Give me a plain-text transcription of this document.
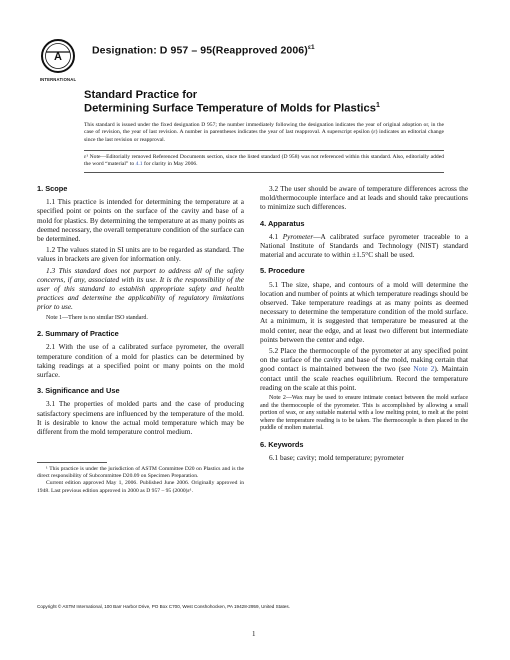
A
INTERNATIONAL
Designation: D 957 – 95(Reapproved 2006)$^{\varepsilon 1}$
Standard Practice for
Determining Surface Temperature of Molds for Plastics$^1$
This standard is issued under the fixed designation D 957; the number immediately following the designation indicates the year of original adoption or, in the case of revision, the year of last revision. A number in parentheses indicates the year of last reapproval. A superscript epsilon (ε) indicates an editorial change since the last revision or reapproval.
ε¹ Note—Editorially removed Referenced Documents section, since the listed standard (D 958) was not referenced within this standard. Also, editorially added the word “material” to 4.1 for clarity in May 2006.
1. Scope
1.1 This practice is intended for determining the temperature at a specified point or points on the surface of the cavity and base of a mold for plastics. By determining the temperature at as many points as deemed necessary, the overall temperature condition of the surface can be determined.
1.2 The values stated in SI units are to be regarded as standard. The values in brackets are given for information only.
1.3 This standard does not purport to address all of the safety concerns, if any, associated with its use. It is the responsibility of the user of this standard to establish appropriate safety and health practices and determine the applicability of regulatory limitations prior to use.
Note 1—There is no similar ISO standard.
2. Summary of Practice
2.1 With the use of a calibrated surface pyrometer, the overall temperature condition of a mold for plastics can be determined by taking readings at a specified point or many points on the mold surface.
3. Significance and Use
3.1 The properties of molded parts and the case of producing satisfactory specimens are influenced by the temperature of the mold. It is desirable to know the actual mold temperature which may be different from the mold temperature control medium.

¹ This practice is under the jurisdiction of ASTM Committee D20 on Plastics and is the direct responsibility of Subcommittee D20.09 on Specimen Preparation.

Current edition approved May 1, 2006. Published June 2006. Originally approved in 1948. Last previous edition approved in 2000 as D 957 – 95 (2000)ε¹.

3.2 The user should be aware of temperature differences across the mold/thermocouple interface and at leads and should take precautions to minimize such differences.
4. Apparatus
4.1 Pyrometer—A calibrated surface pyrometer traceable to a National Institute of Standards and Technology (NIST) standard material and accurate to within ±1.5°C shall be used.
5. Procedure
5.1 The size, shape, and contours of a mold will determine the location and number of points at which temperature readings should be observed. Take temperature readings at as many points as deemed necessary to determine the temperature condition of the mold surface. At a minimum, it is suggested that temperature be measured at the mold center, near the edge, and at least two different but intermediate points between the center and edge.
5.2 Place the thermocouple of the pyrometer at any specified point on the surface of the cavity and base of the mold, making certain that good contact is maintained between the two (see Note 2). Maintain contact until the scale reaches equilibrium. Record the temperature reading on the scale at this point.
Note 2—Wax may be used to ensure intimate contact between the mold surface and the thermocouple of the pyrometer. This is accomplished by allowing a small portion of wax, or any suitable material with a low melting point, to melt at the point where the temperature reading is to be taken. The thermocouple is then placed in the puddle of molten material.
6. Keywords
6.1 base; cavity; mold temperature; pyrometer
Copyright © ASTM International, 100 Barr Harbor Drive, PO Box C700, West Conshohocken, PA 19428-2959, United States.
1
